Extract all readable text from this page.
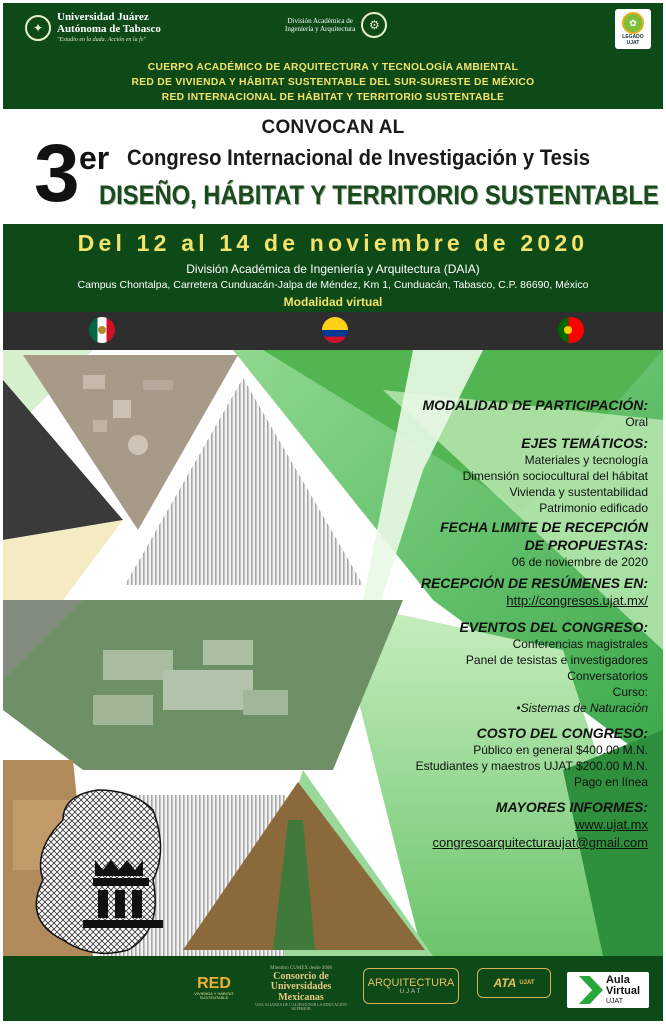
✦
Universidad Juárez
Autónoma de Tabasco
"Estudio en la duda. Acción en la fe"
División Académica de
Ingeniería y Arquitectura	⚙	✿
LEGADO
UJAT
CUERPO ACADÉMICO DE ARQUITECTURA Y TECNOLOGÍA AMBIENTAL
RED DE VIVIENDA Y HÁBITAT SUSTENTABLE DEL SUR-SURESTE DE MÉXICO
RED INTERNACIONAL DE HÁBITAT Y TERRITORIO SUSTENTABLE
CONVOCAN AL
3 er Congreso Internacional de Investigación y Tesis
DISEÑO, HÁBITAT Y TERRITORIO SUSTENTABLE
Del 12 al 14 de noviembre de 2020
División Académica de Ingeniería y Arquitectura (DAIA)
Campus Chontalpa, Carretera Cunduacán-Jalpa de Méndez, Km 1, Cunduacán, Tabasco, C.P. 86690, México
Modalidad virtual
MODALIDAD DE PARTICIPACIÓN:
Oral
EJES TEMÁTICOS:
Materiales y tecnología
Dimensión sociocultural del hábitat
Vivienda y sustentabilidad
Patrimonio edificado
FECHA LIMITE DE RECEPCIÓN
DE PROPUESTAS:
06 de noviembre de 2020
RECEPCIÓN DE RESÚMENES EN:
http://congresos.ujat.mx/
EVENTOS DEL CONGRESO:
Conferencias magistrales
Panel de tesistas e investigadores
Conversatorios
Curso:
•Sistemas de Naturación
COSTO DEL CONGRESO:
Público en general $400.00 M.N.
Estudiantes y maestros UJAT $200.00 M.N.
Pago en línea
MAYORES INFORMES:
www.ujat.mx
congresoarquitecturaujat@gmail.com
RED
VIVIENDA Y HÁBITAT SUSTENTABLE
Miembro CUMEX desde 2008
Consorcio de
Universidades
Mexicanas
UNA ALIANZA DE CALIDAD POR LA EDUCACIÓN SUPERIOR
ARQUITECTURA
UJAT
ATA UJAT	Aula
Virtual
UJAT
